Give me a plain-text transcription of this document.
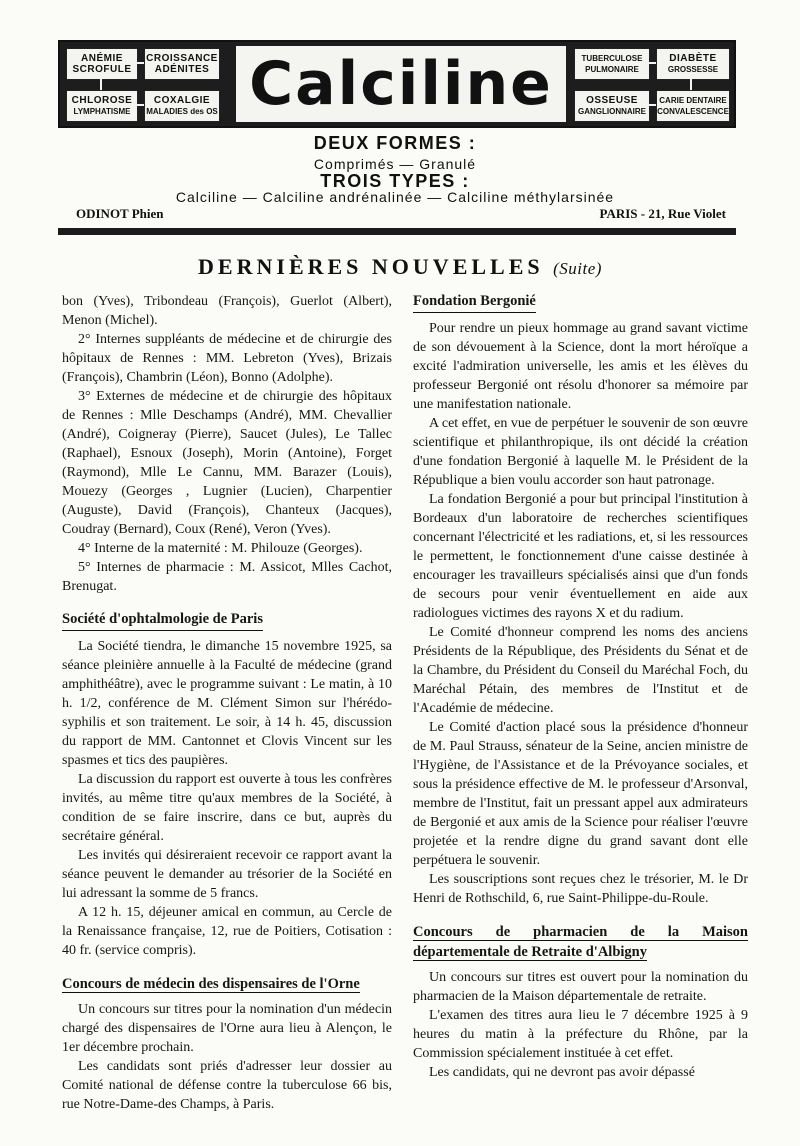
ANÉMIE
SCROFULE
CROISSANCE
ADÉNITES
CHLOROSE
LYMPHATISME
COXALGIE
MALADIES des OS Calciline	TUBERCULOSE
PULMONAIRE
DIABÈTE
GROSSESSE
OSSEUSE
GANGLIONNAIRE
CARIE DENTAIRE
CONVALESCENCE
DEUX FORMES :
Comprimés — Granulé
TROIS TYPES :
Calciline — Calciline andrénalinée — Calciline méthylarsinée
ODINOT Phien	PARIS - 21, Rue Violet
DERNIÈRES NOUVELLES (Suite)

bon (Yves), Tribondeau (François), Guerlot (Albert), Menon (Michel).

2° Internes suppléants de médecine et de chirurgie des hôpitaux de Rennes : MM. Lebreton (Yves), Brizais (François), Chambrin (Léon), Bonno (Adolphe).

3° Externes de médecine et de chirurgie des hôpitaux de Rennes : Mlle Deschamps (André), MM. Chevallier (André), Coigneray (Pierre), Saucet (Jules), Le Tallec (Raphael), Esnoux (Joseph), Morin (Antoine), Forget (Raymond), Mlle Le Cannu, MM. Barazer (Louis), Mouezy (Georges , Lugnier (Lucien), Charpentier (Auguste), David (François), Chanteux (Jacques), Coudray (Bernard), Coux (René), Veron (Yves).

4° Interne de la maternité : M. Philouze (Georges).

5° Internes de pharmacie : M. Assicot, Mlles Cachot, Brenugat.

Société d'ophtalmologie de Paris

La Société tiendra, le dimanche 15 novembre 1925, sa séance pleinière annuelle à la Faculté de médecine (grand amphithéâtre), avec le programme suivant : Le matin, à 10 h. 1/2, conférence de M. Clément Simon sur l'hérédo-syphilis et son traitement. Le soir, à 14 h. 45, discussion du rapport de MM. Cantonnet et Clovis Vincent sur les spasmes et tics des paupières.

La discussion du rapport est ouverte à tous les confrères invités, au même titre qu'aux membres de la Société, à condition de se faire inscrire, dans ce but, auprès du secrétaire général.

Les invités qui désireraient recevoir ce rapport avant la séance peuvent le demander au trésorier de la Société en lui adressant la somme de 5 francs.

A 12 h. 15, déjeuner amical en commun, au Cercle de la Renaissance française, 12, rue de Poitiers, Cotisation : 40 fr. (service compris).

Concours de médecin des dispensaires de l'Orne

Un concours sur titres pour la nomination d'un médecin chargé des dispensaires de l'Orne aura lieu à Alençon, le 1er décembre prochain.

Les candidats sont priés d'adresser leur dossier au Comité national de défense contre la tuberculose 66 bis, rue Notre-Dame-des Champs, à Paris.

Fondation Bergonié

Pour rendre un pieux hommage au grand savant victime de son dévouement à la Science, dont la mort héroïque a excité l'admiration universelle, les amis et les élèves du professeur Bergonié ont résolu d'honorer sa mémoire par une manifestation nationale.

A cet effet, en vue de perpétuer le souvenir de son œuvre scientifique et philanthropique, ils ont décidé la création d'une fondation Bergonié à laquelle M. le Président de la République a bien voulu accorder son haut patronage.

La fondation Bergonié a pour but principal l'institution à Bordeaux d'un laboratoire de recherches scientifiques concernant l'électricité et les radiations, et, si les ressources le permettent, le fonctionnement d'une caisse destinée à encourager les travailleurs spécialisés ainsi que d'un fonds de secours pour venir éventuellement en aide aux radiologues victimes des rayons X et du radium.

Le Comité d'honneur comprend les noms des anciens Présidents de la République, des Présidents du Sénat et de la Chambre, du Président du Conseil du Maréchal Foch, du Maréchal Pétain, des membres de l'Institut et de l'Académie de médecine.

Le Comité d'action placé sous la présidence d'honneur de M. Paul Strauss, sénateur de la Seine, ancien ministre de l'Hygiène, de l'Assistance et de la Prévoyance sociales, et sous la présidence effective de M. le professeur d'Arsonval, membre de l'Institut, fait un pressant appel aux admirateurs de Bergonié et aux amis de la Science pour réaliser l'œuvre projetée et la rendre digne du grand savant dont elle perpétuera le souvenir.

Les souscriptions sont reçues chez le trésorier, M. le Dr Henri de Rothschild, 6, rue Saint-Philippe-du-Roule.

Concours de pharmacien de la Maison départementale de Retraite d'Albigny

Un concours sur titres est ouvert pour la nomination du pharmacien de la Maison départementale de retraite.

L'examen des titres aura lieu le 7 décembre 1925 à 9 heures du matin à la préfecture du Rhône, par la Commission spécialement instituée à cet effet.

Les candidats, qui ne devront pas avoir dépassé
